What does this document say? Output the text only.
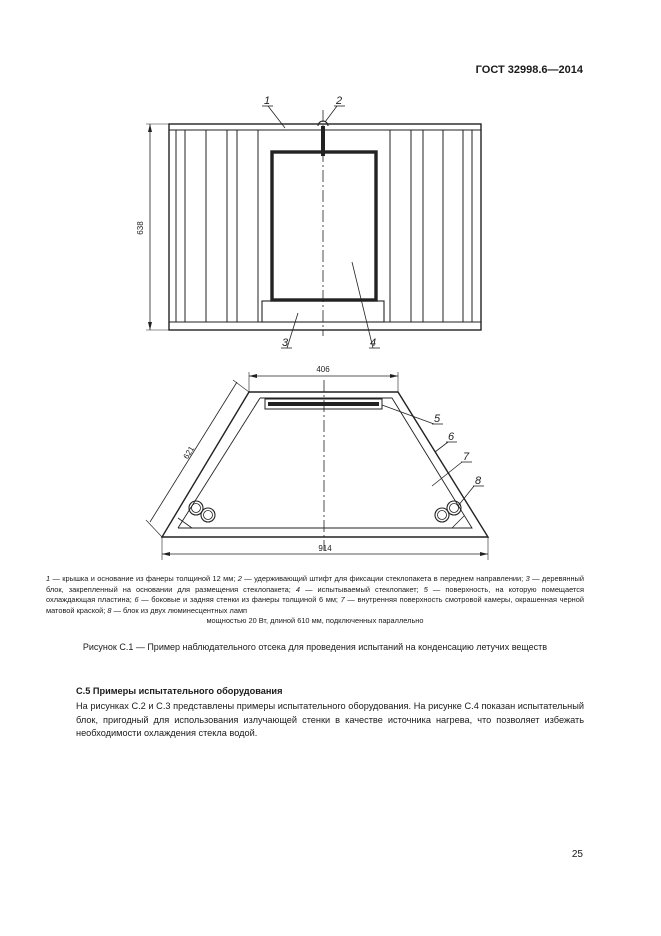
ГОСТ 32998.6—2014
638
1	2
3	4
406
621
914
5
6
7
8
1 — крышка и основание из фанеры толщиной 12 мм; 2 — удерживающий штифт для фиксации стеклопакета в переднем направлении; 3 — деревянный блок, закрепленный на основании для размещения стеклопакета; 4 — испытываемый стеклопакет; 5 — поверхность, на которую помещается охлаждающая пластина; 6 — боковые и задняя стенки из фанеры толщиной 6 мм; 7 — внутренняя поверхность смотровой камеры, окрашенная черной матовой краской; 8 — блок из двух люминесцентных ламп
мощностью 20 Вт, длиной 610 мм, подключенных параллельно
Рисунок С.1 — Пример наблюдательного отсека для проведения испытаний на конденсацию летучих веществ
С.5 Примеры испытательного оборудования
На рисунках С.2 и С.3 представлены примеры испытательного оборудования. На рисунке С.4 показан испытательный блок, пригодный для использования излучающей стенки в качестве источника нагрева, что позволяет избежать необходимости охлаждения стекла водой.
25
